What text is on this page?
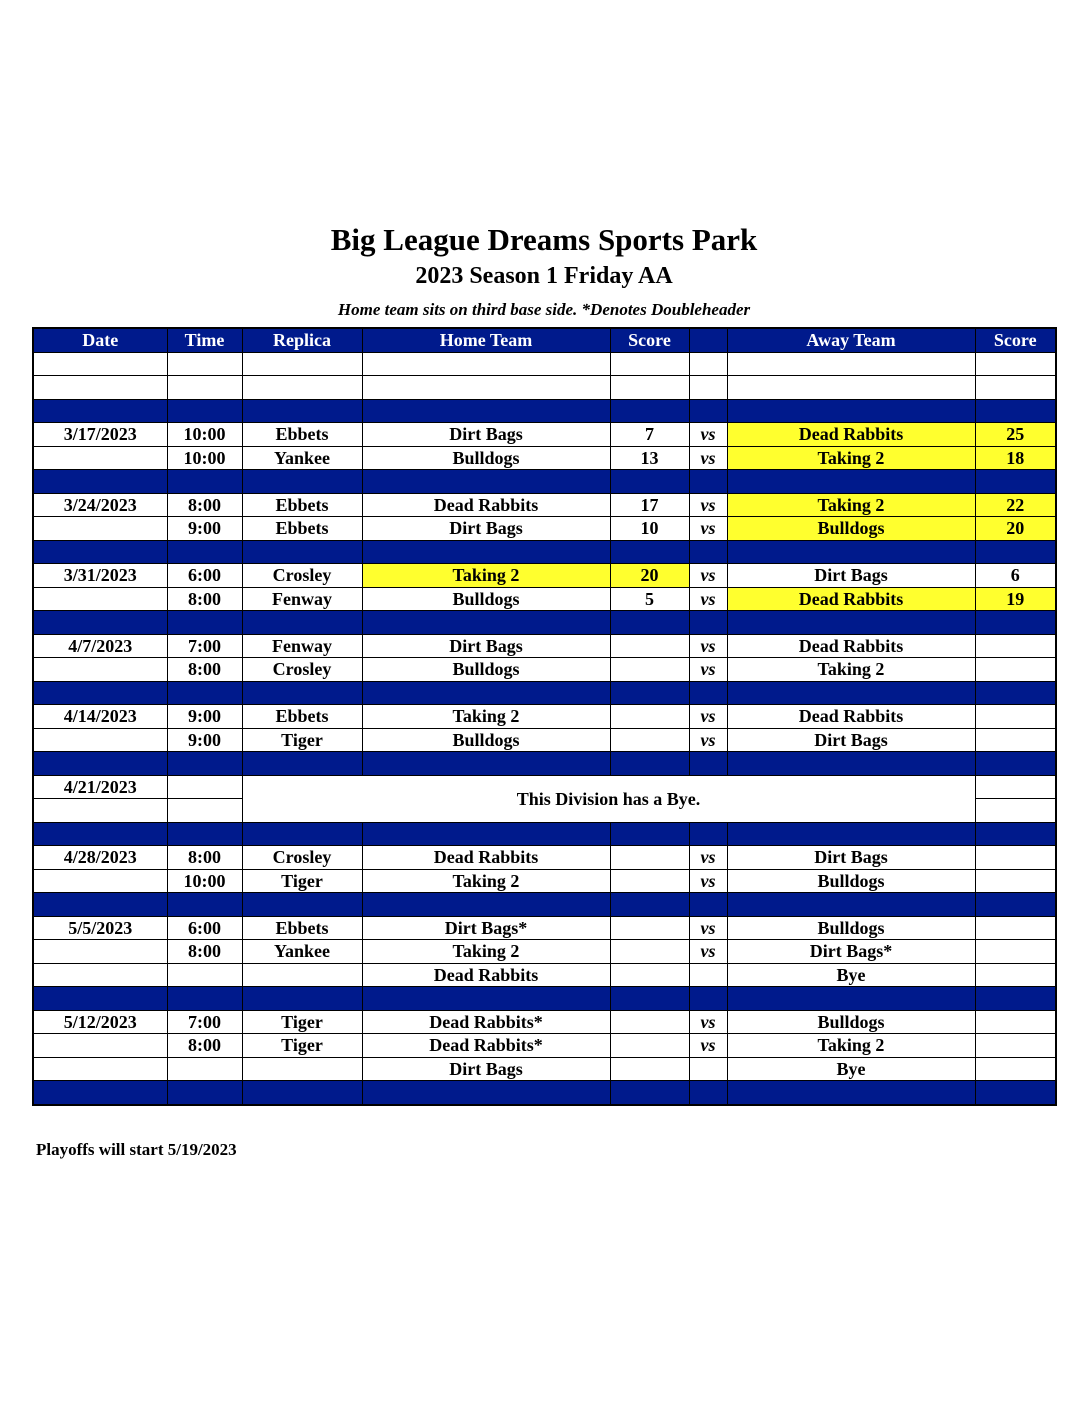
Big League Dreams Sports Park
2023 Season 1 Friday AA
Home team sits on third base side. *Denotes Doubleheader
Date	Time	Replica	Home Team	Score		Away Team	Score

3/17/2023	10:00	Ebbets	Dirt Bags	7	vs	Dead Rabbits	25
	10:00	Yankee	Bulldogs	13	vs	Taking 2	18

3/24/2023	8:00	Ebbets	Dead Rabbits	17	vs	Taking 2	22
	9:00	Ebbets	Dirt Bags	10	vs	Bulldogs	20

3/31/2023	6:00	Crosley	Taking 2	20	vs	Dirt Bags	6
	8:00	Fenway	Bulldogs	5	vs	Dead Rabbits	19

4/7/2023	7:00	Fenway	Dirt Bags		vs	Dead Rabbits	
	8:00	Crosley	Bulldogs		vs	Taking 2	

4/14/2023	9:00	Ebbets	Taking 2		vs	Dead Rabbits	
	9:00	Tiger	Bulldogs		vs	Dirt Bags	

4/21/2023		This Division has a Bye.					

4/28/2023	8:00	Crosley	Dead Rabbits		vs	Dirt Bags	
	10:00	Tiger	Taking 2		vs	Bulldogs	

5/5/2023	6:00	Ebbets	Dirt Bags*		vs	Bulldogs	
	8:00	Yankee	Taking 2		vs	Dirt Bags*	
			Dead Rabbits			Bye	

5/12/2023	7:00	Tiger	Dead Rabbits*		vs	Bulldogs	
	8:00	Tiger	Dead Rabbits*		vs	Taking 2	
			Dirt Bags			Bye	

Playoffs will start 5/19/2023
